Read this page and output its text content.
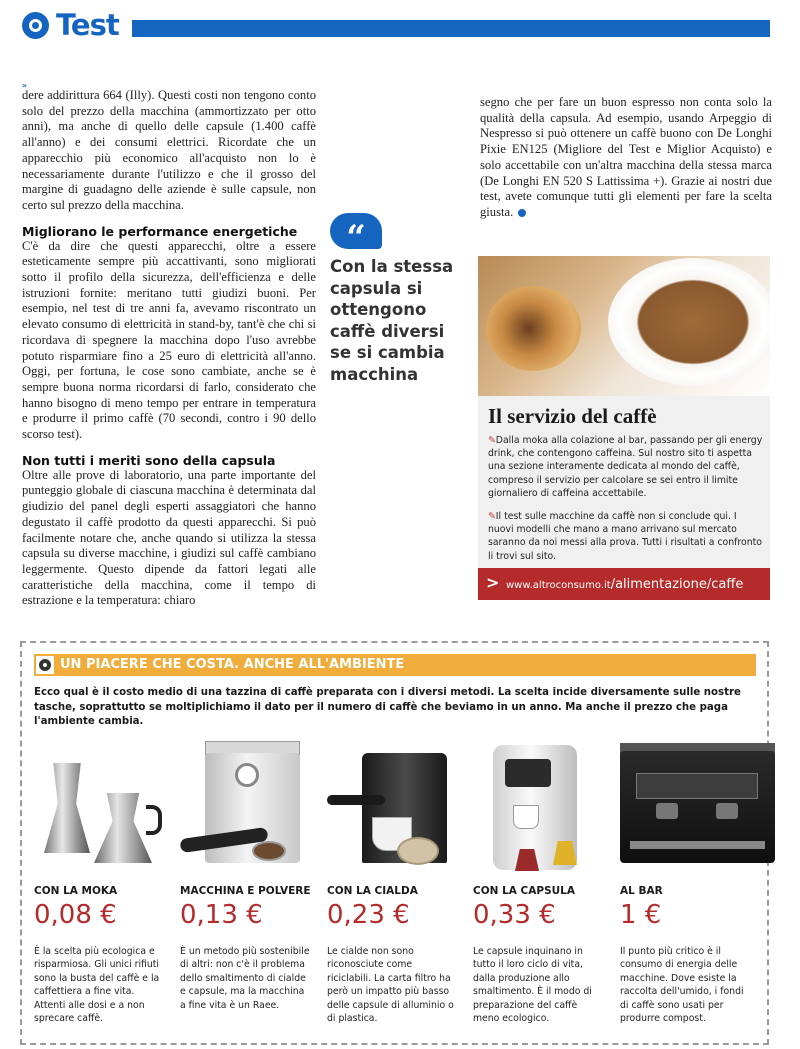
Test
»

dere addirittura 664 (Illy). Questi costi non tengono conto solo del prezzo della macchina (ammortizzato per otto anni), ma anche di quello delle capsule (1.400 caffè all'anno) e dei consumi elettrici. Ricordate che un apparecchio più economico all'acquisto non lo è necessariamente durante l'utilizzo e che il grosso del margine di guadagno delle aziende è sulle capsule, non certo sul prezzo della macchina.

Migliorano le performance energetiche

C'è da dire che questi apparecchi, oltre a essere esteticamente sempre più accattivanti, sono migliorati sotto il profilo della sicurezza, dell'efficienza e delle istruzioni fornite: meritano tutti giudizi buoni. Per esempio, nel test di tre anni fa, avevamo riscontrato un elevato consumo di elettricità in stand-by, tant'è che chi si ricordava di spegnere la macchina dopo l'uso avrebbe potuto risparmiare fino a 25 euro di elettricità all'anno. Oggi, per fortuna, le cose sono cambiate, anche se è sempre buona norma ricordarsi di farlo, considerato che hanno bisogno di meno tempo per entrare in temperatura e produrre il primo caffè (70 secondi, contro i 90 dello scorso test).

Non tutti i meriti sono della capsula

Oltre alle prove di laboratorio, una parte importante del punteggio globale di ciascuna macchina è determinata dal giudizio del panel degli esperti assaggiatori che hanno degustato il caffè prodotto da questi apparecchi. Si può facilmente notare che, anche quando si utilizza la stessa capsula su diverse macchine, i giudizi sul caffè cambiano leggermente. Questo dipende da fattori legati alle caratteristiche della macchina, come il tempo di estrazione e la temperatura: chiaro

“
Con la stessa capsula si ottengono caffè diversi se si cambia macchina

segno che per fare un buon espresso non conta solo la qualità della capsula. Ad esempio, usando Arpeggio di Nespresso si può ottenere un caffè buono con De Longhi Pixie EN125 (Migliore del Test e Miglior Acquisto) e solo accettabile con un'altra macchina della stessa marca (De Longhi EN 520 S Lattissima +). Grazie ai nostri due test, avete comunque tutti gli elementi per fare la scelta giusta.

Il servizio del caffè

✎Dalla moka alla colazione al bar, passando per gli energy drink, che contengono caffeina. Sul nostro sito ti aspetta una sezione interamente dedicata al mondo del caffè, compreso il servizio per calcolare se sei entro il limite giornaliero di caffeina accettabile.

✎Il test sulle macchine da caffè non si conclude qui. I nuovi modelli che mano a mano arrivano sul mercato saranno da noi messi alla prova. Tutti i risultati a confronto li trovi sul sito.

> www.altroconsumo.it/alimentazione/caffe
UN PIACERE CHE COSTA. ANCHE ALL'AMBIENTE

Ecco qual è il costo medio di una tazzina di caffè preparata con i diversi metodi. La scelta incide diversamente sulle nostre tasche, soprattutto se moltiplichiamo il dato per il numero di caffè che beviamo in un anno. Ma anche il prezzo che paga l'ambiente cambia.

CON LA MOKA
0,08 €

È la scelta più ecologica e risparmiosa. Gli unici rifiuti sono la busta del caffè e la caffettiera a fine vita. Attenti alle dosi e a non sprecare caffè.

MACCHINA E POLVERE
0,13 €

È un metodo più sostenibile di altri: non c'è il problema dello smaltimento di cialde e capsule, ma la macchina a fine vita è un Raee.

CON LA CIALDA
0,23 €

Le cialde non sono riconosciute come riciclabili. La carta filtro ha però un impatto più basso delle capsule di alluminio o di plastica.

CON LA CAPSULA
0,33 €

Le capsule inquinano in tutto il loro ciclo di vita, dalla produzione allo smaltimento. È il modo di preparazione del caffè meno ecologico.

AL BAR
1 €

Il punto più critico è il consumo di energia delle macchine. Dove esiste la raccolta dell'umido, i fondi di caffè sono usati per produrre compost.
